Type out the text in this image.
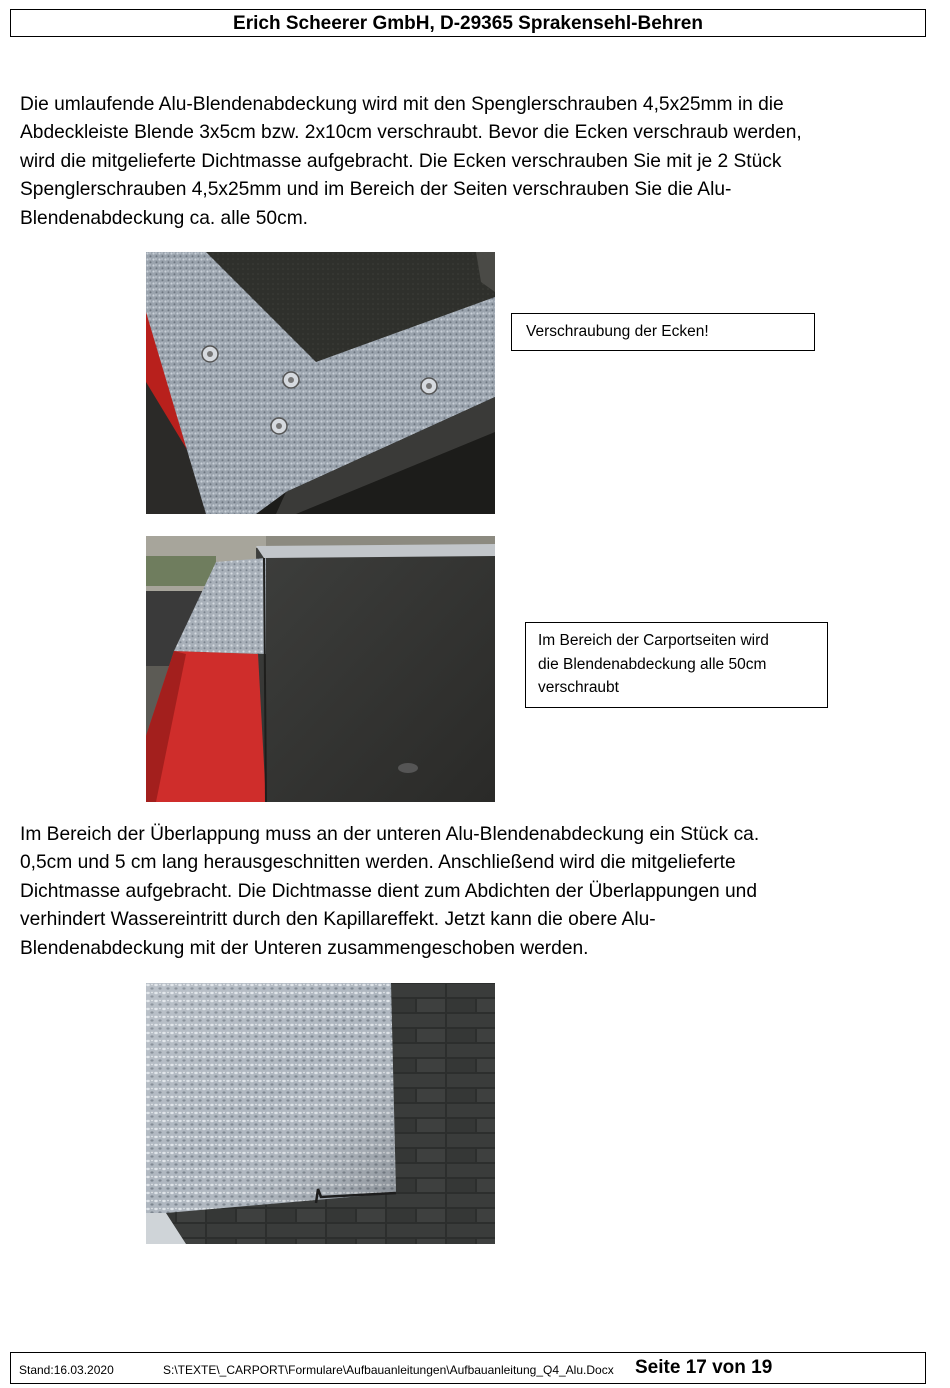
Erich Scheerer GmbH, D-29365 Sprakensehl-Behren
Die umlaufende Alu-Blendenabdeckung wird mit den Spenglerschrauben 4,5x25mm in die
Abdeckleiste Blende 3x5cm bzw. 2x10cm verschraubt. Bevor die Ecken verschraub werden,
wird die mitgelieferte Dichtmasse aufgebracht. Die Ecken verschrauben Sie mit je 2 Stück
Spenglerschrauben 4,5x25mm und im Bereich der Seiten verschrauben Sie die Alu-
Blendenabdeckung ca. alle 50cm.
Verschraubung der Ecken!
Im Bereich der Carportseiten wird
die Blendenabdeckung alle 50cm
verschraubt
Im Bereich der Überlappung muss an der unteren Alu-Blendenabdeckung ein Stück ca.
0,5cm und 5 cm lang herausgeschnitten werden. Anschließend wird die mitgelieferte
Dichtmasse aufgebracht. Die Dichtmasse dient zum Abdichten der Überlappungen und
verhindert Wassereintritt durch den Kapillareffekt. Jetzt kann die obere Alu-
Blendenabdeckung mit der Unteren zusammengeschoben werden.
Stand:16.03.2020	S:\TEXTE\_CARPORT\Formulare\Aufbauanleitungen\Aufbauanleitung_Q4_Alu.Docx Seite 17 von 19
